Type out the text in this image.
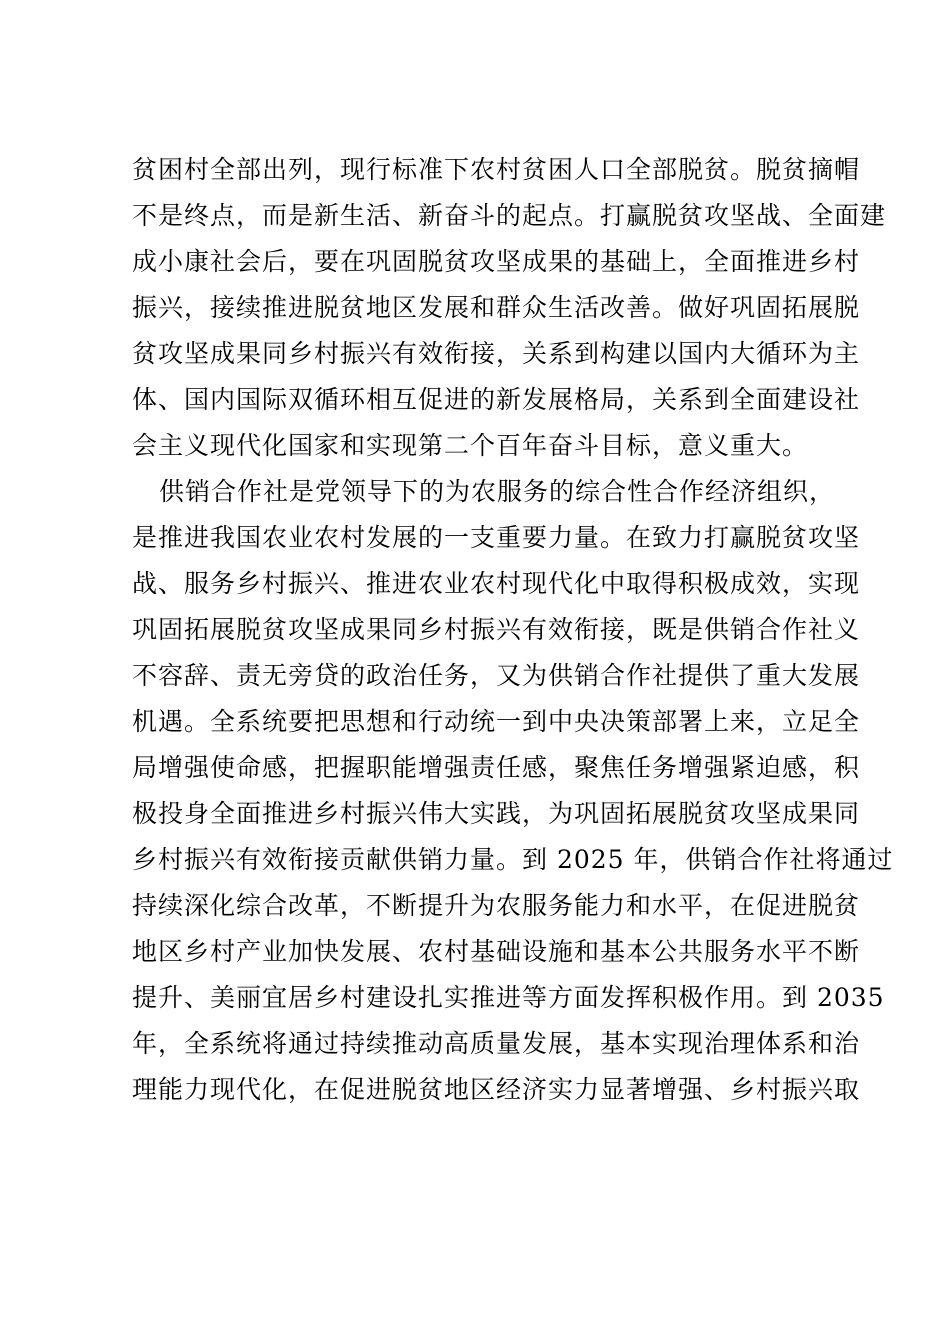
贫困村全部出列，现行标准下农村贫困人口全部脱贫。脱贫摘帽
不是终点，而是新生活、新奋斗的起点。打赢脱贫攻坚战、全面建
成小康社会后，要在巩固脱贫攻坚成果的基础上，全面推进乡村
振兴，接续推进脱贫地区发展和群众生活改善。做好巩固拓展脱
贫攻坚成果同乡村振兴有效衔接，关系到构建以国内大循环为主
体、国内国际双循环相互促进的新发展格局，关系到全面建设社
会主义现代化国家和实现第二个百年奋斗目标，意义重大。
供销合作社是党领导下的为农服务的综合性合作经济组织，
是推进我国农业农村发展的一支重要力量。在致力打赢脱贫攻坚
战、服务乡村振兴、推进农业农村现代化中取得积极成效，实现
巩固拓展脱贫攻坚成果同乡村振兴有效衔接，既是供销合作社义
不容辞、责无旁贷的政治任务，又为供销合作社提供了重大发展
机遇。全系统要把思想和行动统一到中央决策部署上来，立足全
局增强使命感，把握职能增强责任感，聚焦任务增强紧迫感，积
极投身全面推进乡村振兴伟大实践，为巩固拓展脱贫攻坚成果同
乡村振兴有效衔接贡献供销力量。到 2025 年，供销合作社将通过
持续深化综合改革，不断提升为农服务能力和水平，在促进脱贫
地区乡村产业加快发展、农村基础设施和基本公共服务水平不断
提升、美丽宜居乡村建设扎实推进等方面发挥积极作用。到 2035
年，全系统将通过持续推动高质量发展，基本实现治理体系和治
理能力现代化，在促进脱贫地区经济实力显著增强、乡村振兴取
